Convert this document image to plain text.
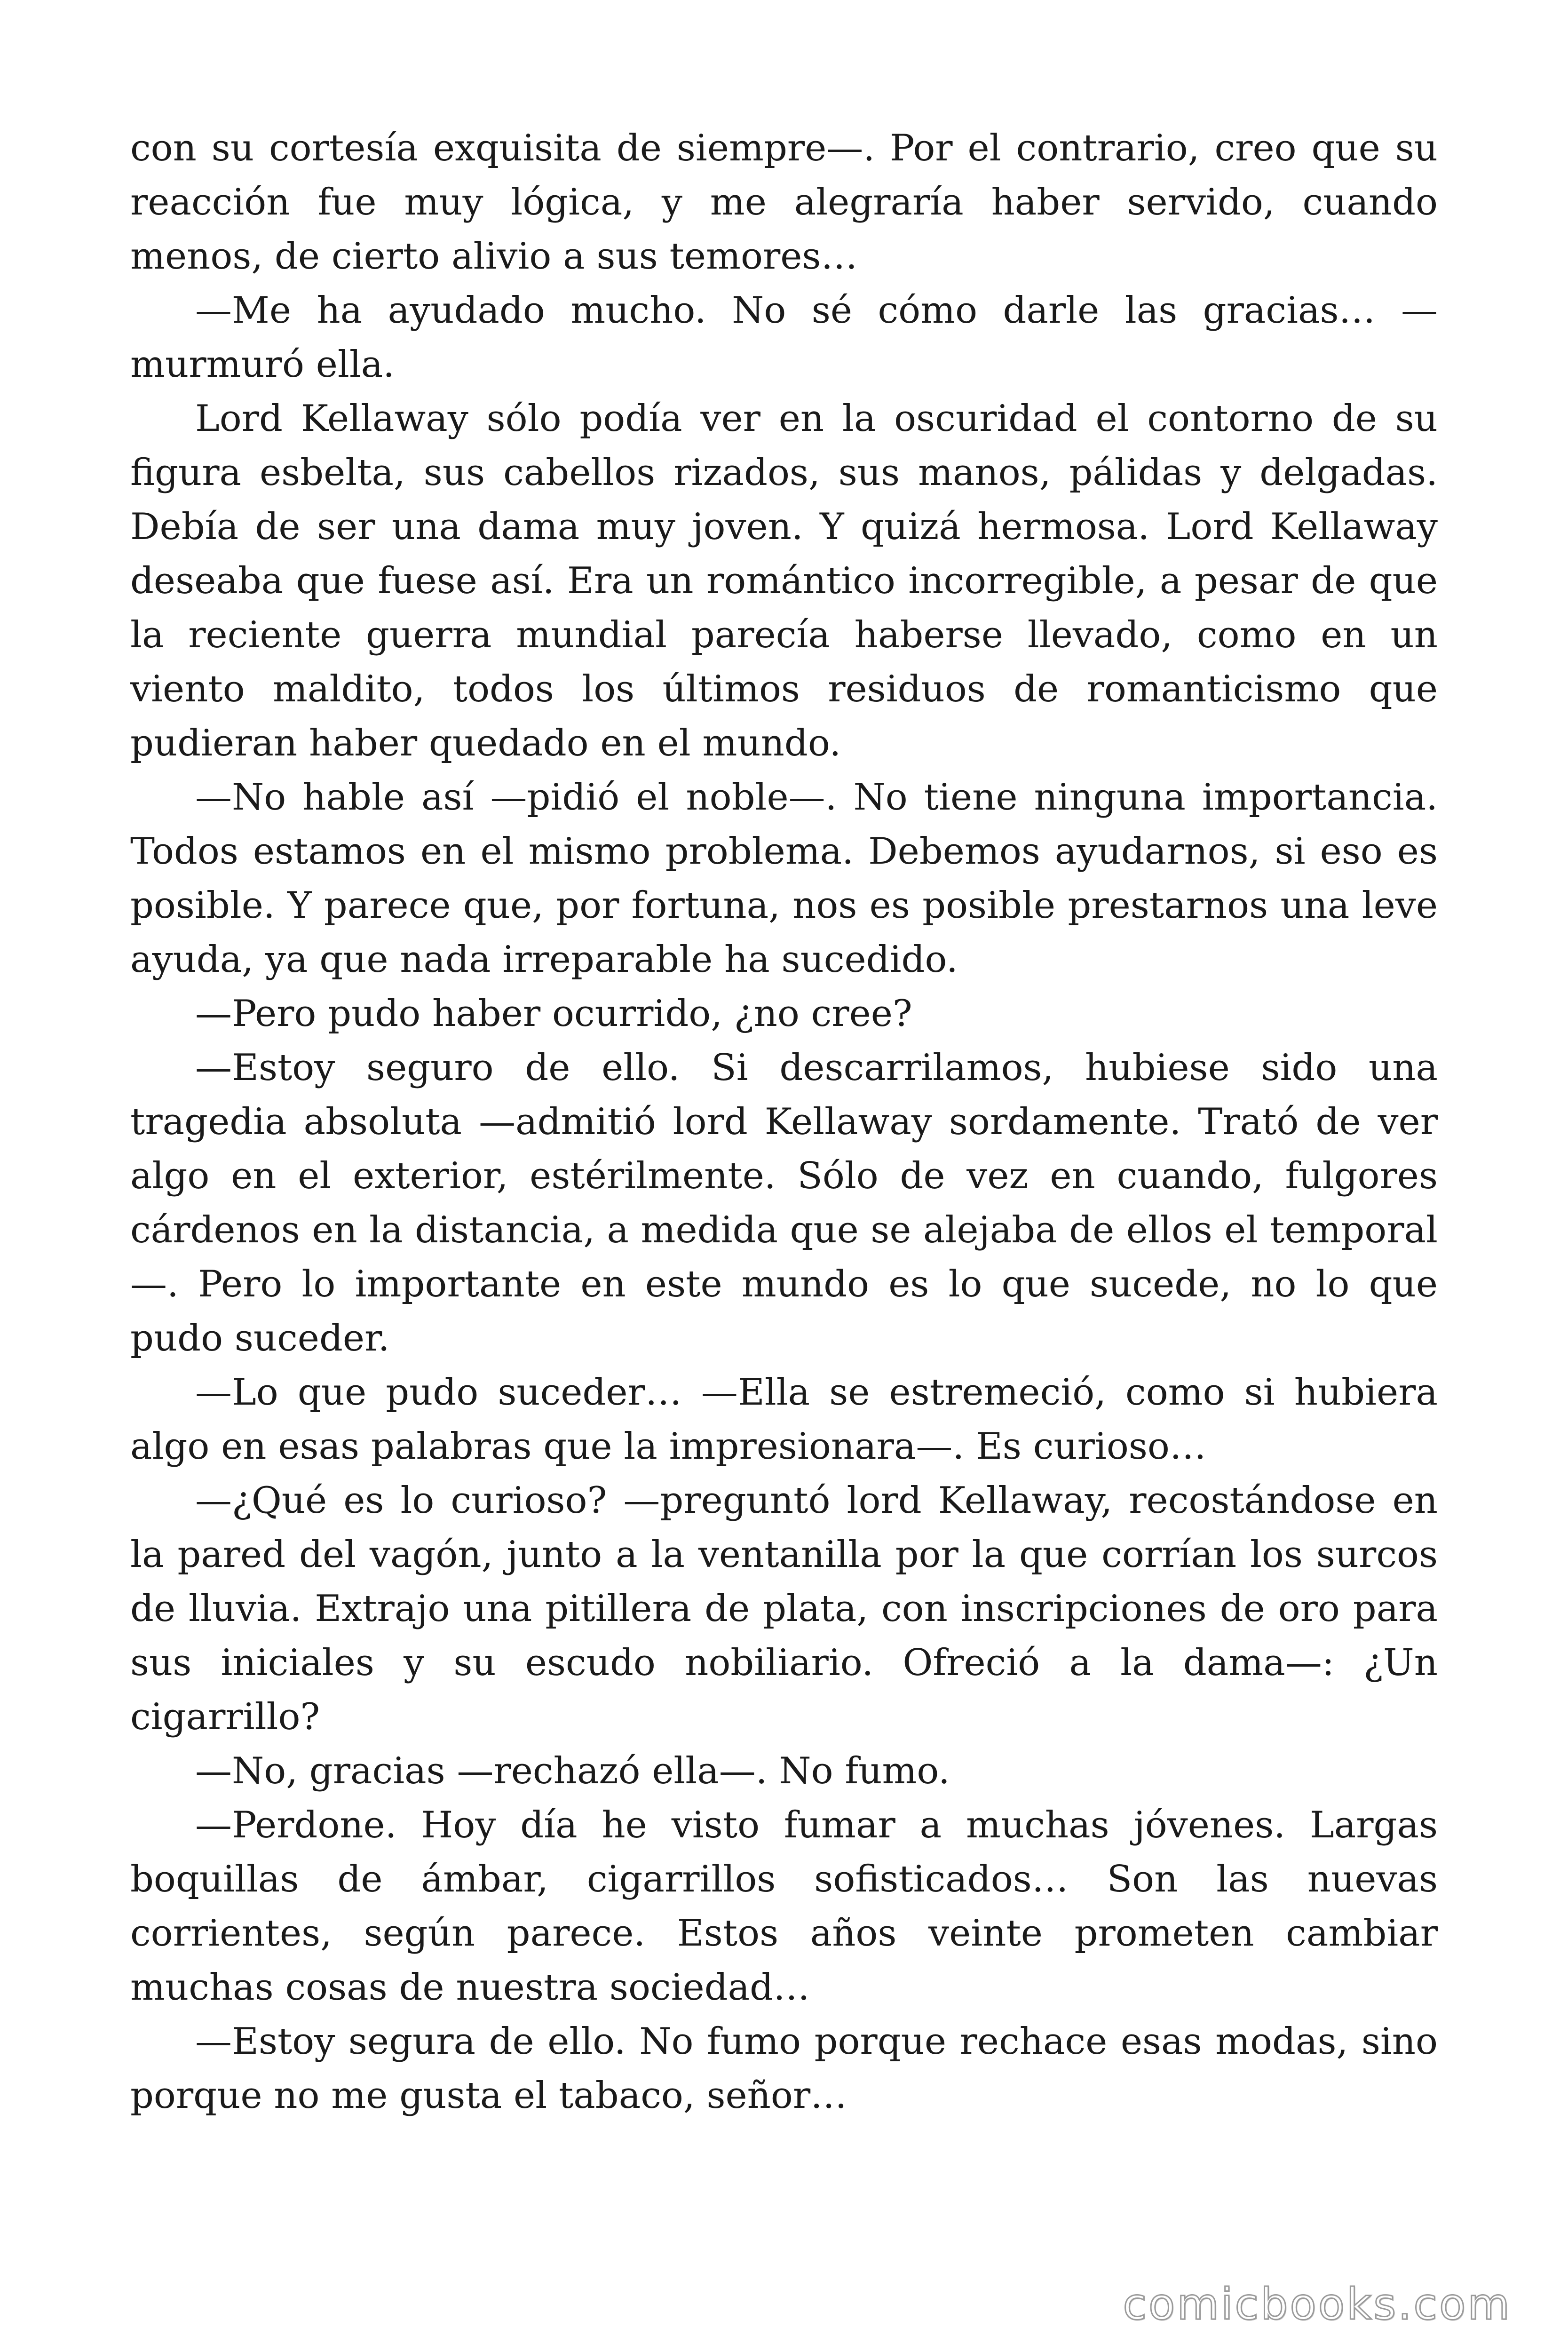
con su cortesía exquisita de siempre—. Por el contrario, creo que su reacción fue muy lógica, y me alegraría haber servido, cuando menos, de cierto alivio a sus temores…

—Me ha ayudado mucho. No sé cómo darle las gracias… —murmuró ella.

Lord Kellaway sólo podía ver en la oscuridad el contorno de su figura esbelta, sus cabellos rizados, sus manos, pálidas y delgadas. Debía de ser una dama muy joven. Y quizá hermosa. Lord Kellaway deseaba que fuese así. Era un romántico incorregible, a pesar de que la reciente guerra mundial parecía haberse llevado, como en un viento maldito, todos los últimos residuos de romanticismo que pudieran haber quedado en el mundo.

—No hable así —pidió el noble—. No tiene ninguna importancia. Todos estamos en el mismo problema. Debemos ayudarnos, si eso es posible. Y parece que, por fortuna, nos es posible prestarnos una leve ayuda, ya que nada irreparable ha sucedido.

—Pero pudo haber ocurrido, ¿no cree?

—Estoy seguro de ello. Si descarrilamos, hubiese sido una tragedia absoluta —admitió lord Kellaway sordamente. Trató de ver algo en el exterior, estérilmente. Sólo de vez en cuando, fulgores cárdenos en la distancia, a medida que se alejaba de ellos el temporal—. Pero lo importante en este mundo es lo que sucede, no lo que pudo suceder.

—Lo que pudo suceder… —Ella se estremeció, como si hubiera algo en esas palabras que la impresionara—. Es curioso…

—¿Qué es lo curioso? —preguntó lord Kellaway, recostándose en la pared del vagón, junto a la ventanilla por la que corrían los surcos de lluvia. Extrajo una pitillera de plata, con inscripciones de oro para sus iniciales y su escudo nobiliario. Ofreció a la dama—: ¿Un cigarrillo?

—No, gracias —rechazó ella—. No fumo.

—Perdone. Hoy día he visto fumar a muchas jóvenes. Largas boquillas de ámbar, cigarrillos sofisticados… Son las nuevas corrientes, según parece. Estos años veinte prometen cambiar muchas cosas de nuestra sociedad…

—Estoy segura de ello. No fumo porque rechace esas modas, sino porque no me gusta el tabaco, señor…

comicbooks.com
